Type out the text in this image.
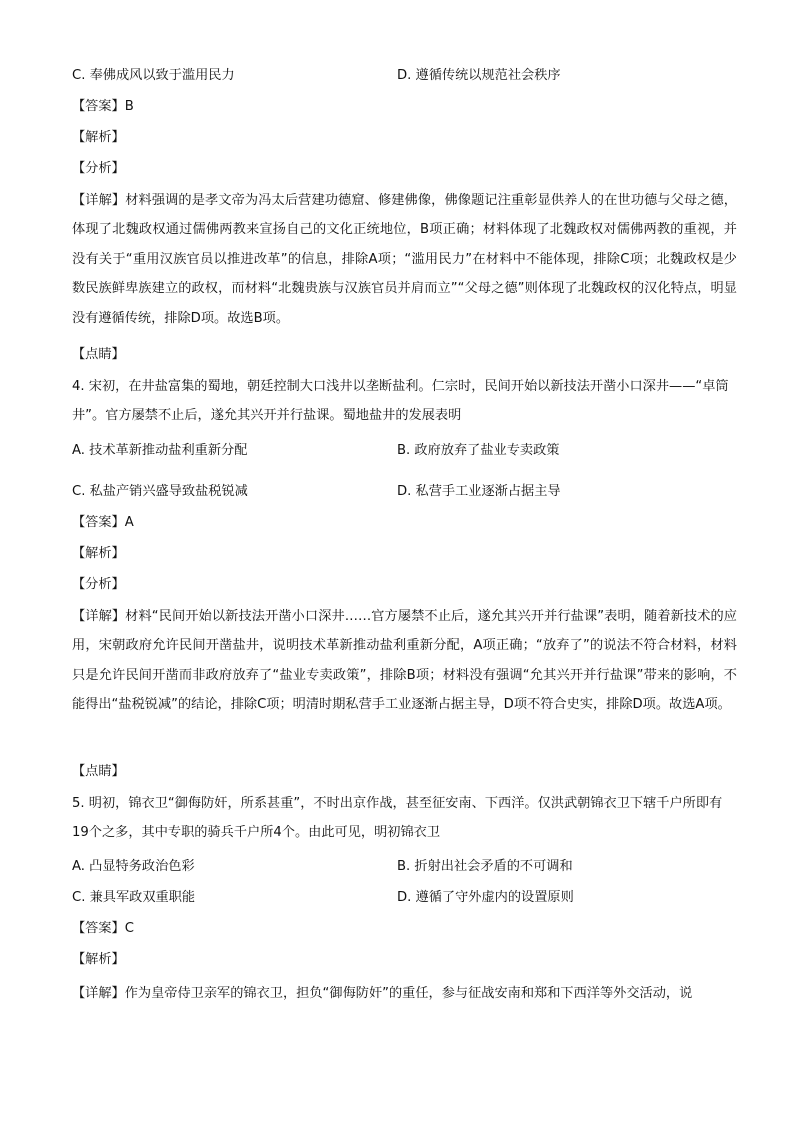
C. 奉佛成风以致于滥用民力	D. 遵循传统以规范社会秩序
【答案】B
【解析】
【分析】
【详解】材料强调的是孝文帝为冯太后营建功德窟、修建佛像，佛像题记注重彰显供养人的在世功德与父母之德，体现了北魏政权通过儒佛两教来宣扬自己的文化正统地位，B项正确；材料体现了北魏政权对儒佛两教的重视，并没有关于“重用汉族官员以推进改革”的信息，排除A项；“滥用民力”在材料中不能体现，排除C项；北魏政权是少数民族鲜卑族建立的政权，而材料“北魏贵族与汉族官员并肩而立”“父母之德”则体现了北魏政权的汉化特点，明显没有遵循传统，排除D项。故选B项。
【点睛】
4. 宋初，在井盐富集的蜀地，朝廷控制大口浅井以垄断盐利。仁宗时，民间开始以新技法开凿小口深井——“卓筒井”。官方屡禁不止后，遂允其兴开并行盐课。蜀地盐井的发展表明
A. 技术革新推动盐利重新分配	B. 政府放弃了盐业专卖政策
C. 私盐产销兴盛导致盐税锐减	D. 私营手工业逐渐占据主导
【答案】A
【解析】
【分析】
【详解】材料“民间开始以新技法开凿小口深井……官方屡禁不止后，遂允其兴开并行盐课”表明，随着新技术的应用，宋朝政府允许民间开凿盐井，说明技术革新推动盐利重新分配，A项正确；“放弃了”的说法不符合材料，材料只是允许民间开凿而非政府放弃了“盐业专卖政策”，排除B项；材料没有强调“允其兴开并行盐课”带来的影响，不能得出“盐税锐减”的结论，排除C项；明清时期私营手工业逐渐占据主导，D项不符合史实，排除D项。故选A项。
【点睛】
5. 明初，锦衣卫“御侮防奸，所系甚重”，不时出京作战，甚至征安南、下西洋。仅洪武朝锦衣卫下辖千户所即有19个之多，其中专职的骑兵千户所4个。由此可见，明初锦衣卫
A. 凸显特务政治色彩	B. 折射出社会矛盾的不可调和
C. 兼具军政双重职能	D. 遵循了守外虚内的设置原则
【答案】C
【解析】
【详解】作为皇帝侍卫亲军的锦衣卫，担负“御侮防奸”的重任，参与征战安南和郑和下西洋等外交活动，说
